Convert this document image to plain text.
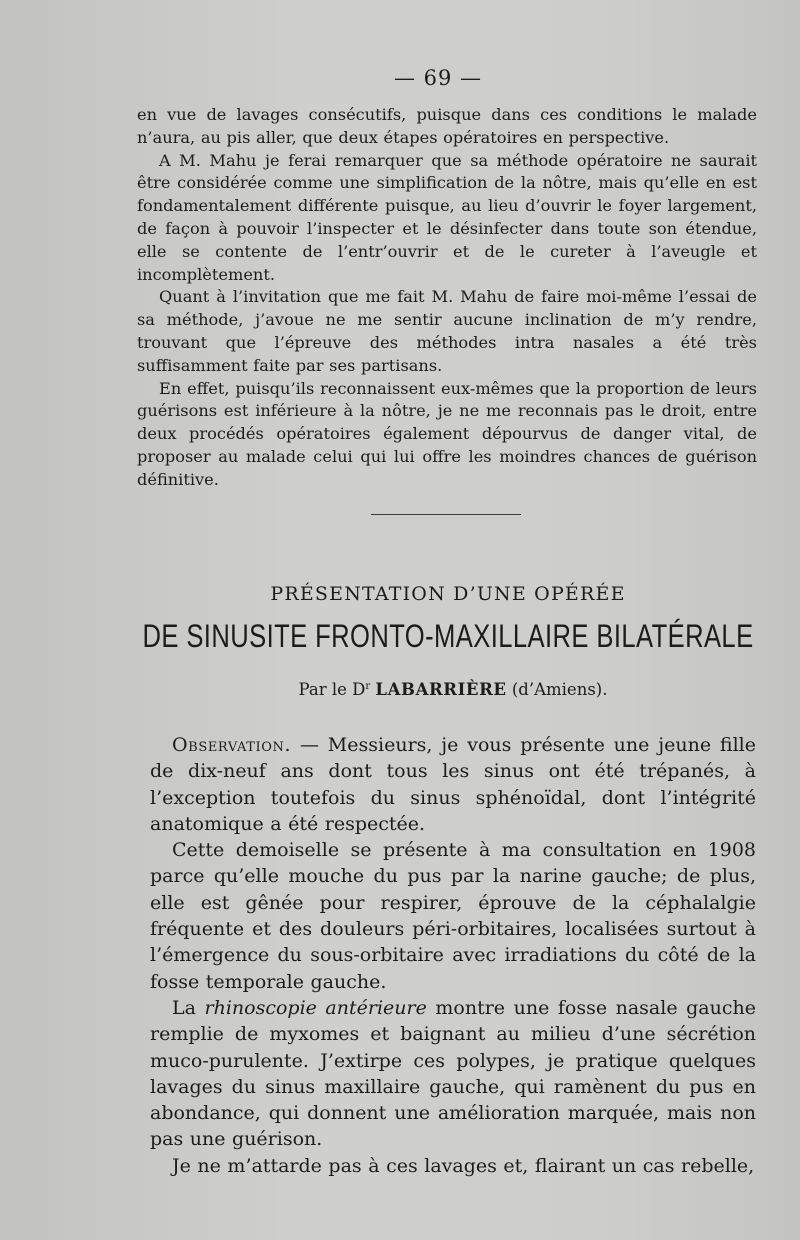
— 69 —

en vue de lavages consécutifs, puisque dans ces conditions le malade n’aura, au pis aller, que deux étapes opératoires en perspective.

A M. Mahu je ferai remarquer que sa méthode opératoire ne saurait être considérée comme une simplification de la nôtre, mais qu’elle en est fondamentalement différente puisque, au lieu d’ouvrir le foyer largement, de façon à pouvoir l’inspecter et le désinfecter dans toute son étendue, elle se contente de l’entr’ouvrir et de le cureter à l’aveugle et incomplètement.

Quant à l’invitation que me fait M. Mahu de faire moi-même l’essai de sa méthode, j’avoue ne me sentir aucune inclination de m’y rendre, trouvant que l’épreuve des méthodes intra nasales a été très suffisamment faite par ses partisans.

En effet, puisqu’ils reconnaissent eux-mêmes que la proportion de leurs guérisons est inférieure à la nôtre, je ne me reconnais pas le droit, entre deux procédés opératoires également dépourvus de danger vital, de proposer au malade celui qui lui offre les moindres chances de guérison définitive.

PRÉSENTATION D’UNE OPÉRÉE
DE SINUSITE FRONTO-MAXILLAIRE BILATÉRALE
Par le $D^r$ LABARRIÈRE (d’Amiens).

Observation. — Messieurs, je vous présente une jeune fille de dix-neuf ans dont tous les sinus ont été trépanés, à l’exception toutefois du sinus sphénoïdal, dont l’intégrité anatomique a été respectée.

Cette demoiselle se présente à ma consultation en 1908 parce qu’elle mouche du pus par la narine gauche; de plus, elle est gênée pour respirer, éprouve de la céphalalgie fréquente et des douleurs péri-orbitaires, localisées surtout à l’émergence du sous-orbitaire avec irradiations du côté de la fosse temporale gauche.

La rhinoscopie antérieure montre une fosse nasale gauche remplie de myxomes et baignant au milieu d’une sécrétion muco-purulente. J’extirpe ces polypes, je pratique quelques lavages du sinus maxillaire gauche, qui ramènent du pus en abondance, qui donnent une amélioration marquée, mais non pas une guérison.

Je ne m’attarde pas à ces lavages et, flairant un cas rebelle,
